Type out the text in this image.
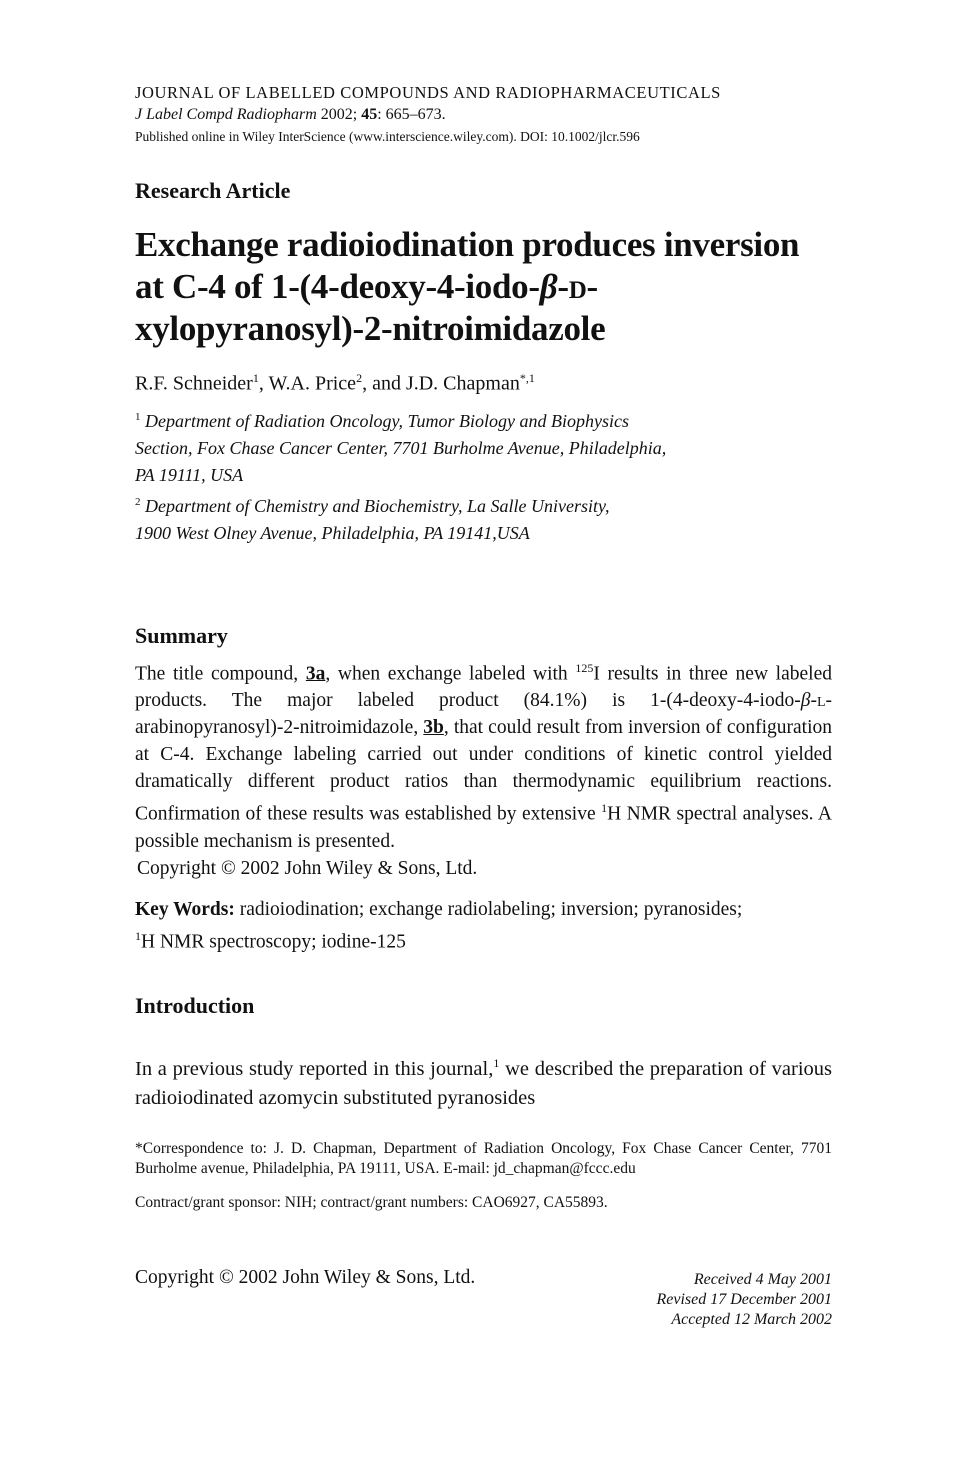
JOURNAL OF LABELLED COMPOUNDS AND RADIOPHARMACEUTICALS

J Label Compd Radiopharm 2002; 45: 665–673.

Published online in Wiley InterScience (www.interscience.wiley.com). DOI: 10.1002/jlcr.596

Research Article

Exchange radioiodination produces inversion
at C-4 of 1-(4-deoxy-4-iodo-β-d-
xylopyranosyl)-2-nitroimidazole

R.F. Schneider$^1$, W.A. Price$^2$, and J.D. Chapman$^{*,1}$

$^1$ Department of Radiation Oncology, Tumor Biology and Biophysics

Section, Fox Chase Cancer Center, 7701 Burholme Avenue, Philadelphia,

PA 19111, USA

$^2$ Department of Chemistry and Biochemistry, La Salle University,

1900 West Olney Avenue, Philadelphia, PA 19141,USA

Summary

The title compound, 3a, when exchange labeled with $^{125}$I results in three new labeled products. The major labeled product (84.1%) is 1-(4-deoxy-4-iodo-β-l-arabinopyranosyl)-2-nitroimidazole, 3b, that could result from inversion of configuration at C-4. Exchange labeling carried out under conditions of kinetic control yielded dramatically different product ratios than thermodynamic equilibrium reactions. Confirmation of these results was established by extensive $^1$H NMR spectral analyses. A possible mechanism is presented.

Copyright © 2002 John Wiley & Sons, Ltd.

Key Words: radioiodination; exchange radiolabeling; inversion; pyranosides;
$^1$H NMR spectroscopy; iodine-125

Introduction

In a previous study reported in this journal,$^1$ we described the preparation of various radioiodinated azomycin substituted pyranosides

*Correspondence to: J. D. Chapman, Department of Radiation Oncology, Fox Chase Cancer Center, 7701 Burholme avenue, Philadelphia, PA 19111, USA. E-mail: jd_chapman@fccc.edu

Contract/grant sponsor: NIH; contract/grant numbers: CAO6927, CA55893.

Copyright © 2002 John Wiley & Sons, Ltd.	Received 4 May 2001
Revised 17 December 2001
Accepted 12 March 2002
